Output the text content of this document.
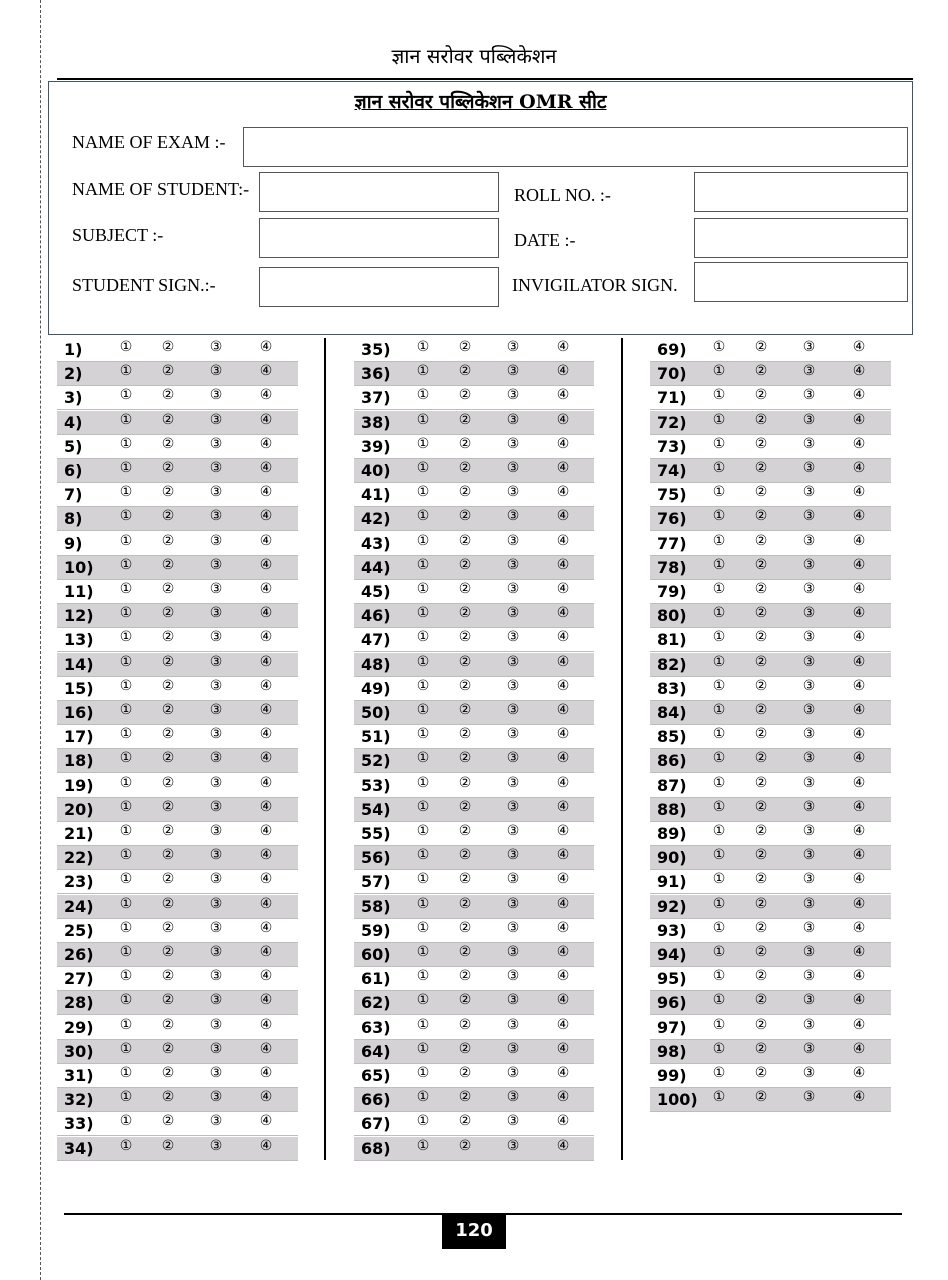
ज्ञान सरोवर पब्लिकेशन
ज्ञान सरोवर पब्लिकेशन OMR सीट
NAME OF EXAM :-
NAME OF STUDENT:-	ROLL NO. :-
SUBJECT :-	DATE :-
STUDENT SIGN.:-	INVIGILATOR SIGN.
1)	① ②	③	④
2)	① ②	③	④
3)	① ②	③	④
4)	① ②	③	④
5)	① ②	③	④
6)	① ②	③	④
7)	① ②	③	④
8)	① ②	③	④
9)	① ②	③	④
10) ① ②	③	④
11) ① ②	③	④
12) ① ②	③	④
13) ① ②	③	④
14) ① ②	③	④
15) ① ②	③	④
16) ① ②	③	④
17) ① ②	③	④
18) ① ②	③	④
19) ① ②	③	④
20) ① ②	③	④
21) ① ②	③	④
22) ① ②	③	④
23) ① ②	③	④
24) ① ②	③	④
25) ① ②	③	④
26) ① ②	③	④
27) ① ②	③	④
28) ① ②	③	④
29) ① ②	③	④
30) ① ②	③	④
31) ① ②	③	④
32) ① ②	③	④
33) ① ②	③	④
34) ① ②	③	④
35) ① ②	③	④
36) ① ②	③	④
37) ① ②	③	④
38) ① ②	③	④
39) ① ②	③	④
40) ① ②	③	④
41) ① ②	③	④
42) ① ②	③	④
43) ① ②	③	④
44) ① ②	③	④
45) ① ②	③	④
46) ① ②	③	④
47) ① ②	③	④
48) ① ②	③	④
49) ① ②	③	④
50) ① ②	③	④
51) ① ②	③	④
52) ① ②	③	④
53) ① ②	③	④
54) ① ②	③	④
55) ① ②	③	④
56) ① ②	③	④
57) ① ②	③	④
58) ① ②	③	④
59) ① ②	③	④
60) ① ②	③	④
61) ① ②	③	④
62) ① ②	③	④
63) ① ②	③	④
64) ① ②	③	④
65) ① ②	③	④
66) ① ②	③	④
67) ① ②	③	④
68) ① ②	③	④
69) ① ②	③	④
70) ① ②	③	④
71) ① ②	③	④
72) ① ②	③	④
73) ① ②	③	④
74) ① ②	③	④
75) ① ②	③	④
76) ① ②	③	④
77) ① ②	③	④
78) ① ②	③	④
79) ① ②	③	④
80) ① ②	③	④
81) ① ②	③	④
82) ① ②	③	④
83) ① ②	③	④
84) ① ②	③	④
85) ① ②	③	④
86) ① ②	③	④
87) ① ②	③	④
88) ① ②	③	④
89) ① ②	③	④
90) ① ②	③	④
91) ① ②	③	④
92) ① ②	③	④
93) ① ②	③	④
94) ① ②	③	④
95) ① ②	③	④
96) ① ②	③	④
97) ① ②	③	④
98) ① ②	③	④
99) ① ②	③	④
100) ① ②	③	④
120
